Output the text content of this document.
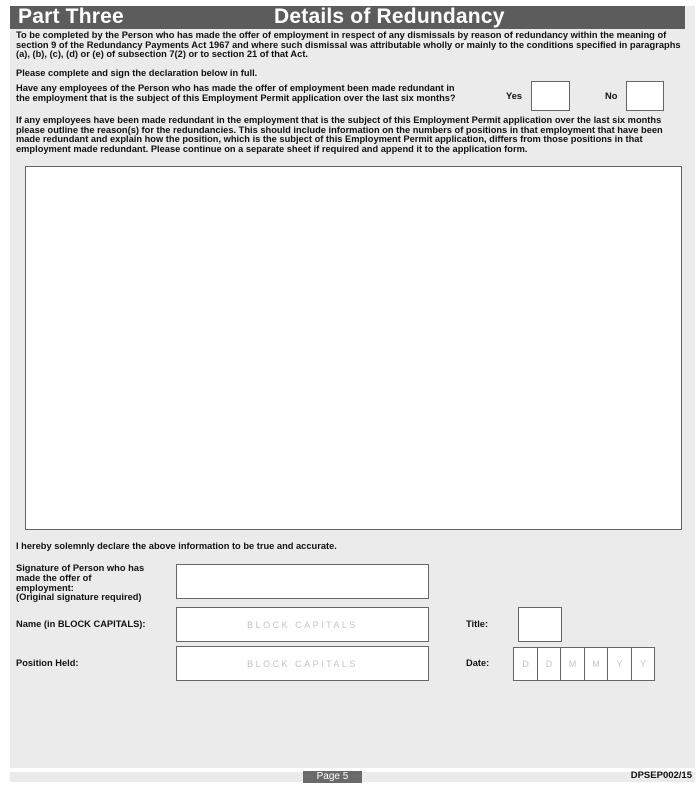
Part Three	Details of Redundancy
To be completed by the Person who has made the offer of employment in respect of any dismissals by reason of redundancy within the meaning of section 9 of the Redundancy Payments Act 1967 and where such dismissal was attributable wholly or mainly to the conditions specified in paragraphs (a), (b), (c), (d) or (e) of subsection 7(2) or to section 21 of that Act.
Please complete and sign the declaration below in full.
Have any employees of the Person who has made the offer of employment been made redundant in the employment that is the subject of this Employment Permit application over the last six months?	Yes	No
If any employees have been made redundant in the employment that is the subject of this Employment Permit application over the last six months please outline the reason(s) for the redundancies. This should include information on the numbers of positions in that employment that have been made redundant and explain how the position, which is the subject of this Employment Permit application, differs from those positions in that employment made redundant. Please continue on a separate sheet if required and append it to the application form.
I hereby solemnly declare the above information to be true and accurate.
Signature of Person who has
made the offer of
employment:
(Original signature required)
Name (in BLOCK CAPITALS):	BLOCK CAPITALS	Title:
Position Held:	BLOCK CAPITALS	Date:	D	D	M	M	Y	Y
Page 5	DPSEP002/15
